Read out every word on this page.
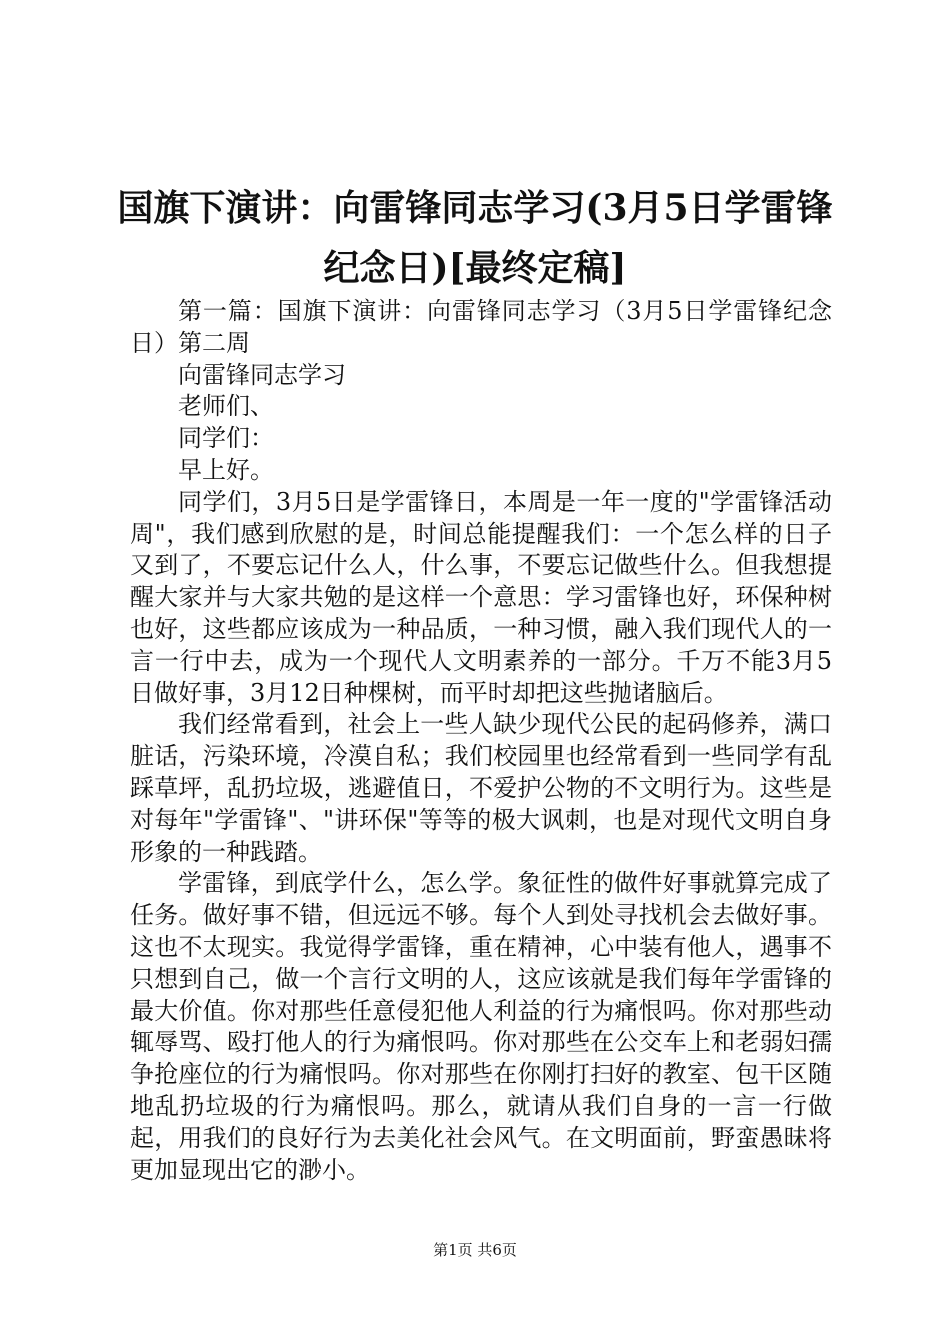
国旗下演讲：向雷锋同志学习(3月5日学雷锋
纪念日)[最终定稿]

第一篇：国旗下演讲：向雷锋同志学习（3月5日学雷锋纪念日）第二周

向雷锋同志学习

老师们、

同学们：

早上好。

同学们，3月5日是学雷锋日，本周是一年一度的"学雷锋活动周"，我们感到欣慰的是，时间总能提醒我们：一个怎么样的日子又到了，不要忘记什么人，什么事，不要忘记做些什么。但我想提醒大家并与大家共勉的是这样一个意思：学习雷锋也好，环保种树也好，这些都应该成为一种品质，一种习惯，融入我们现代人的一言一行中去，成为一个现代人文明素养的一部分。千万不能3月5日做好事，3月12日种棵树，而平时却把这些抛诸脑后。

我们经常看到，社会上一些人缺少现代公民的起码修养，满口脏话，污染环境，冷漠自私；我们校园里也经常看到一些同学有乱踩草坪，乱扔垃圾，逃避值日，不爱护公物的不文明行为。这些是对每年"学雷锋"、"讲环保"等等的极大讽刺，也是对现代文明自身形象的一种践踏。

学雷锋，到底学什么，怎么学。象征性的做件好事就算完成了任务。做好事不错，但远远不够。每个人到处寻找机会去做好事。这也不太现实。我觉得学雷锋，重在精神，心中装有他人，遇事不只想到自己，做一个言行文明的人，这应该就是我们每年学雷锋的最大价值。你对那些任意侵犯他人利益的行为痛恨吗。你对那些动辄辱骂、殴打他人的行为痛恨吗。你对那些在公交车上和老弱妇孺争抢座位的行为痛恨吗。你对那些在你刚打扫好的教室、包干区随地乱扔垃圾的行为痛恨吗。那么，就请从我们自身的一言一行做起，用我们的良好行为去美化社会风气。在文明面前，野蛮愚昧将更加显现出它的渺小。

第1页 共6页
